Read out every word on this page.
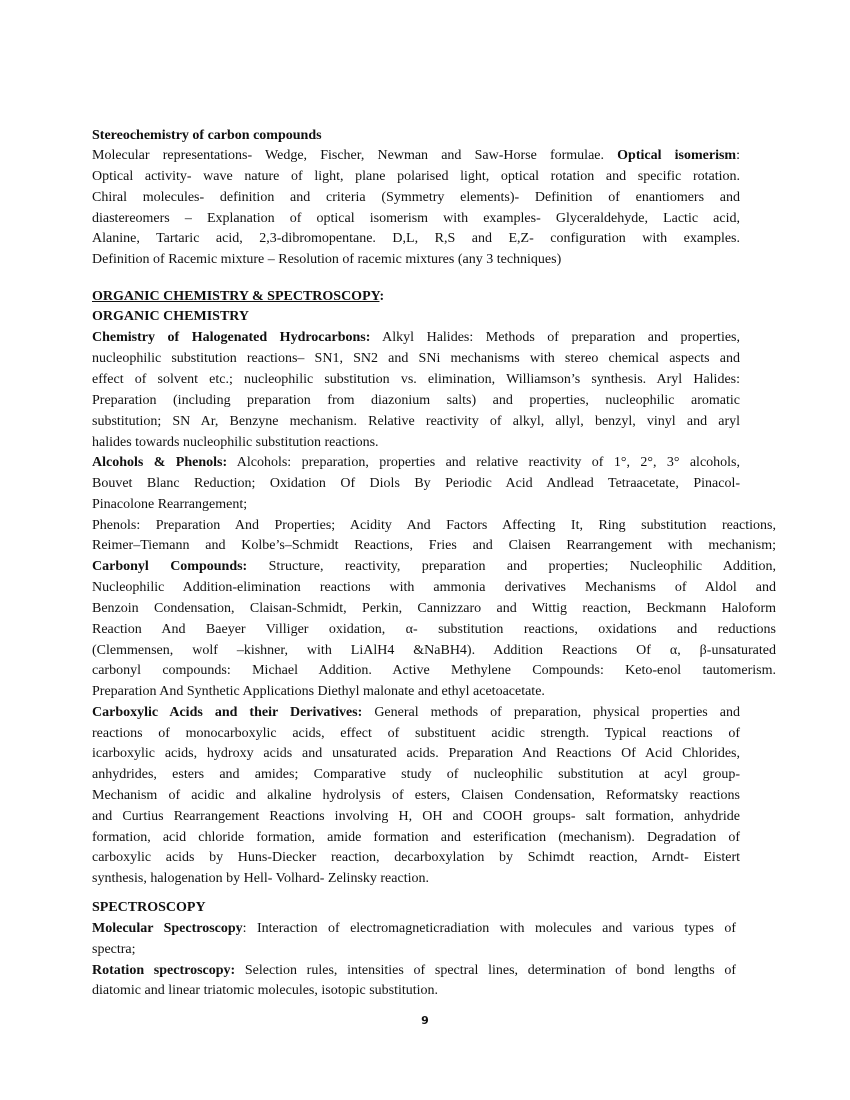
Stereochemistry of carbon compounds
Molecular representations- Wedge, Fischer, Newman and Saw-Horse formulae. Optical isomerism:
Optical activity- wave nature of light, plane polarised light, optical rotation and specific rotation.
Chiral molecules- definition and criteria (Symmetry elements)- Definition of enantiomers and
diastereomers – Explanation of optical isomerism with examples- Glyceraldehyde, Lactic acid,
Alanine, Tartaric acid, 2,3-dibromopentane. D,L, R,S and E,Z- configuration with examples.
Definition of Racemic mixture – Resolution of racemic mixtures (any 3 techniques)
ORGANIC CHEMISTRY & SPECTROSCOPY:
ORGANIC CHEMISTRY
Chemistry of Halogenated Hydrocarbons: Alkyl Halides: Methods of preparation and properties,
nucleophilic substitution reactions– SN1, SN2 and SNi mechanisms with stereo chemical aspects and
effect of solvent etc.; nucleophilic substitution vs. elimination, Williamson’s synthesis. Aryl Halides:
Preparation (including preparation from diazonium salts) and properties, nucleophilic aromatic
substitution; SN Ar, Benzyne mechanism. Relative reactivity of alkyl, allyl, benzyl, vinyl and aryl
halides towards nucleophilic substitution reactions.
Alcohols & Phenols: Alcohols: preparation, properties and relative reactivity of 1°, 2°, 3° alcohols,
Bouvet Blanc Reduction; Oxidation Of Diols By Periodic Acid Andlead Tetraacetate, Pinacol-
Pinacolone Rearrangement;
Phenols: Preparation And Properties; Acidity And Factors Affecting It, Ring substitution reactions,
Reimer–Tiemann and Kolbe’s–Schmidt Reactions, Fries and Claisen Rearrangement with mechanism;
Carbonyl Compounds: Structure, reactivity, preparation and properties; Nucleophilic Addition,
Nucleophilic Addition-elimination reactions with ammonia derivatives Mechanisms of Aldol and
Benzoin Condensation, Claisan-Schmidt, Perkin, Cannizzaro and Wittig reaction, Beckmann Haloform
Reaction And Baeyer Villiger oxidation, α- substitution reactions, oxidations and reductions
(Clemmensen, wolf –kishner, with LiAlH4 &NaBH4). Addition Reactions Of α, β-unsaturated
carbonyl compounds: Michael Addition. Active Methylene Compounds: Keto-enol tautomerism.
Preparation And Synthetic Applications Diethyl malonate and ethyl acetoacetate.
Carboxylic Acids and their Derivatives: General methods of preparation, physical properties and
reactions of monocarboxylic acids, effect of substituent acidic strength. Typical reactions of
icarboxylic acids, hydroxy acids and unsaturated acids. Preparation And Reactions Of Acid Chlorides,
anhydrides, esters and amides; Comparative study of nucleophilic substitution at acyl group-
Mechanism of acidic and alkaline hydrolysis of esters, Claisen Condensation, Reformatsky reactions
and Curtius Rearrangement Reactions involving H, OH and COOH groups- salt formation, anhydride
formation, acid chloride formation, amide formation and esterification (mechanism). Degradation of
carboxylic acids by Huns-Diecker reaction, decarboxylation by Schimdt reaction, Arndt- Eistert
synthesis, halogenation by Hell- Volhard- Zelinsky reaction.
SPECTROSCOPY
Molecular Spectroscopy: Interaction of electromagneticradiation with molecules and various types of
spectra;
Rotation spectroscopy: Selection rules, intensities of spectral lines, determination of bond lengths of
diatomic and linear triatomic molecules, isotopic substitution.
9
